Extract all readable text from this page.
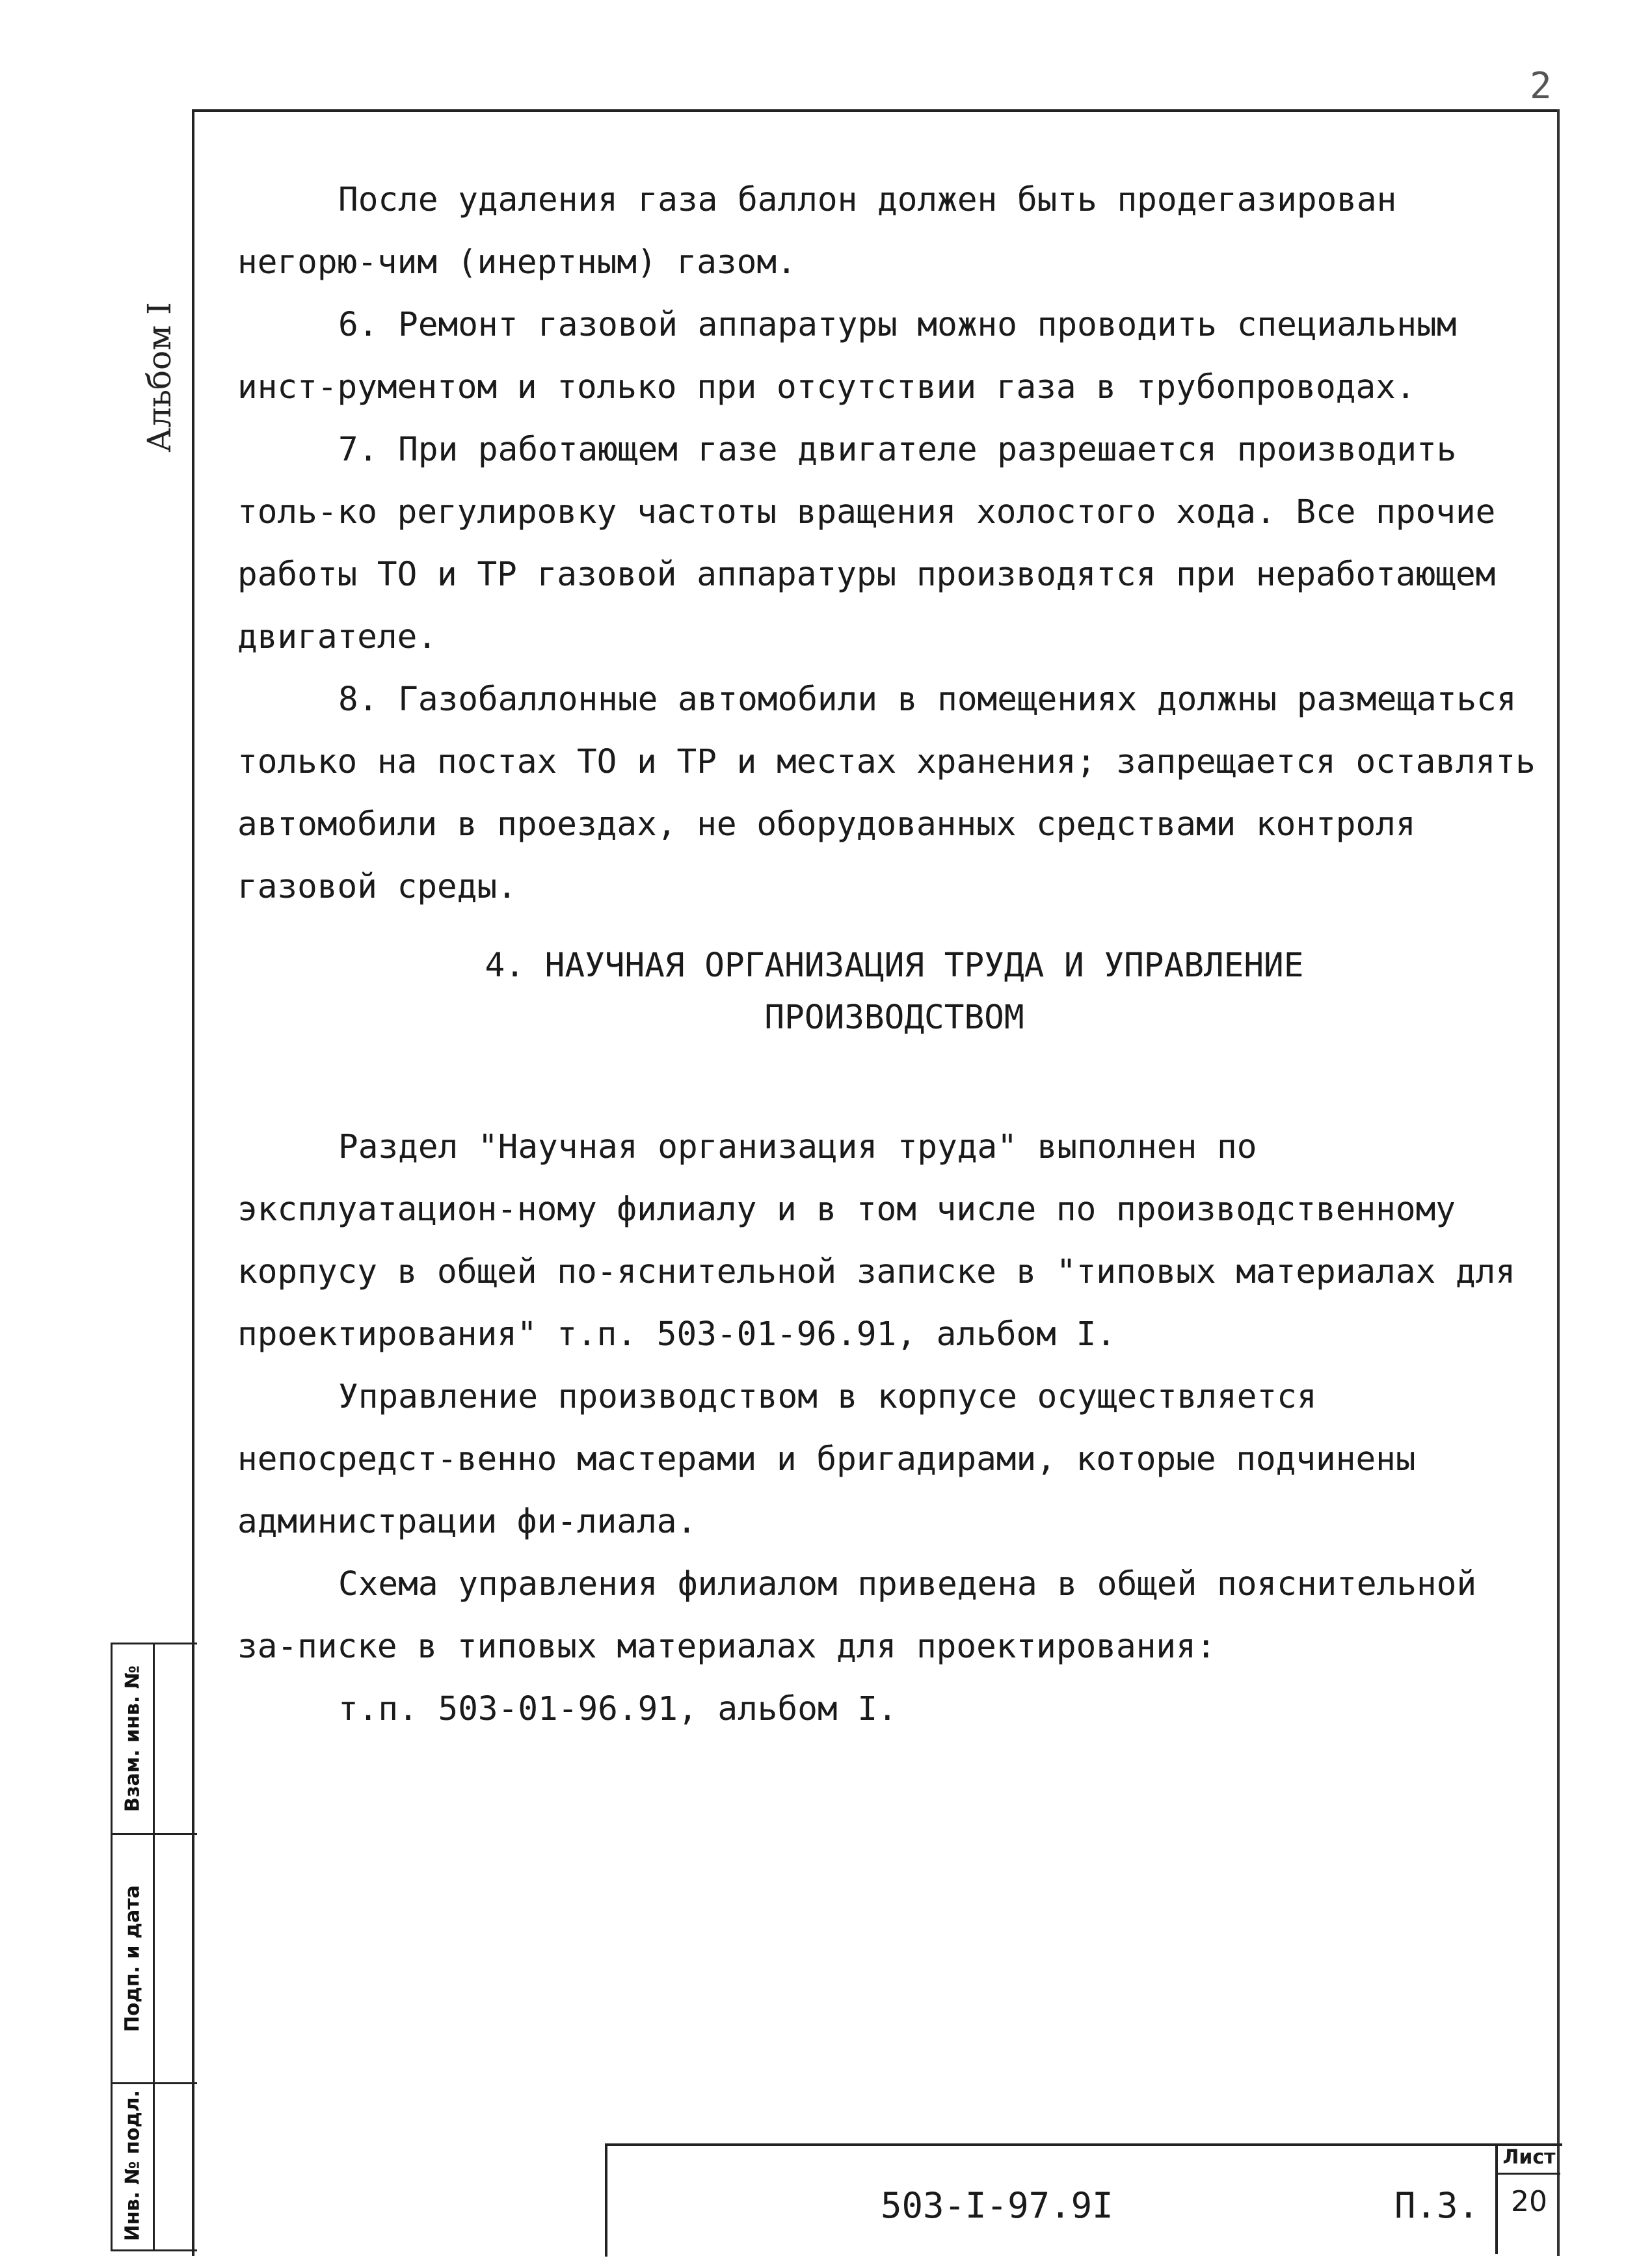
2
Альбом I
Взам. инв. №
Подп. и дата
Инв. № подл.

После удаления газа баллон должен быть продегазирован негорю-чим (инертным) газом.

6. Ремонт газовой аппаратуры можно проводить специальным инст-рументом и только при отсутствии газа в трубопроводах.

7. При работающем газе двигателе разрешается производить толь-ко регулировку частоты вращения холостого хода. Все прочие работы ТО и ТР газовой аппаратуры производятся при неработающем двигателе.

8. Газобаллонные автомобили в помещениях должны размещаться только на постах ТО и ТР и местах хранения; запрещается оставлять автомобили в проездах, не оборудованных средствами контроля газовой среды.

4. НАУЧНАЯ ОРГАНИЗАЦИЯ ТРУДА И УПРАВЛЕНИЕ
ПРОИЗВОДСТВОМ

Раздел "Научная организация труда" выполнен по эксплуатацион-ному филиалу и в том числе по производственному корпусу в общей по-яснительной записке в "типовых материалах для проектирования" т.п. 503-01-96.91, альбом I.

Управление производством в корпусе осуществляется непосредст-венно мастерами и бригадирами, которые подчинены администрации фи-лиала.

Схема управления филиалом приведена в общей пояснительной за-писке в типовых материалах для проектирования:

т.п. 503-01-96.91, альбом I.

503-I-97.9I	П.3.
Лист
20
